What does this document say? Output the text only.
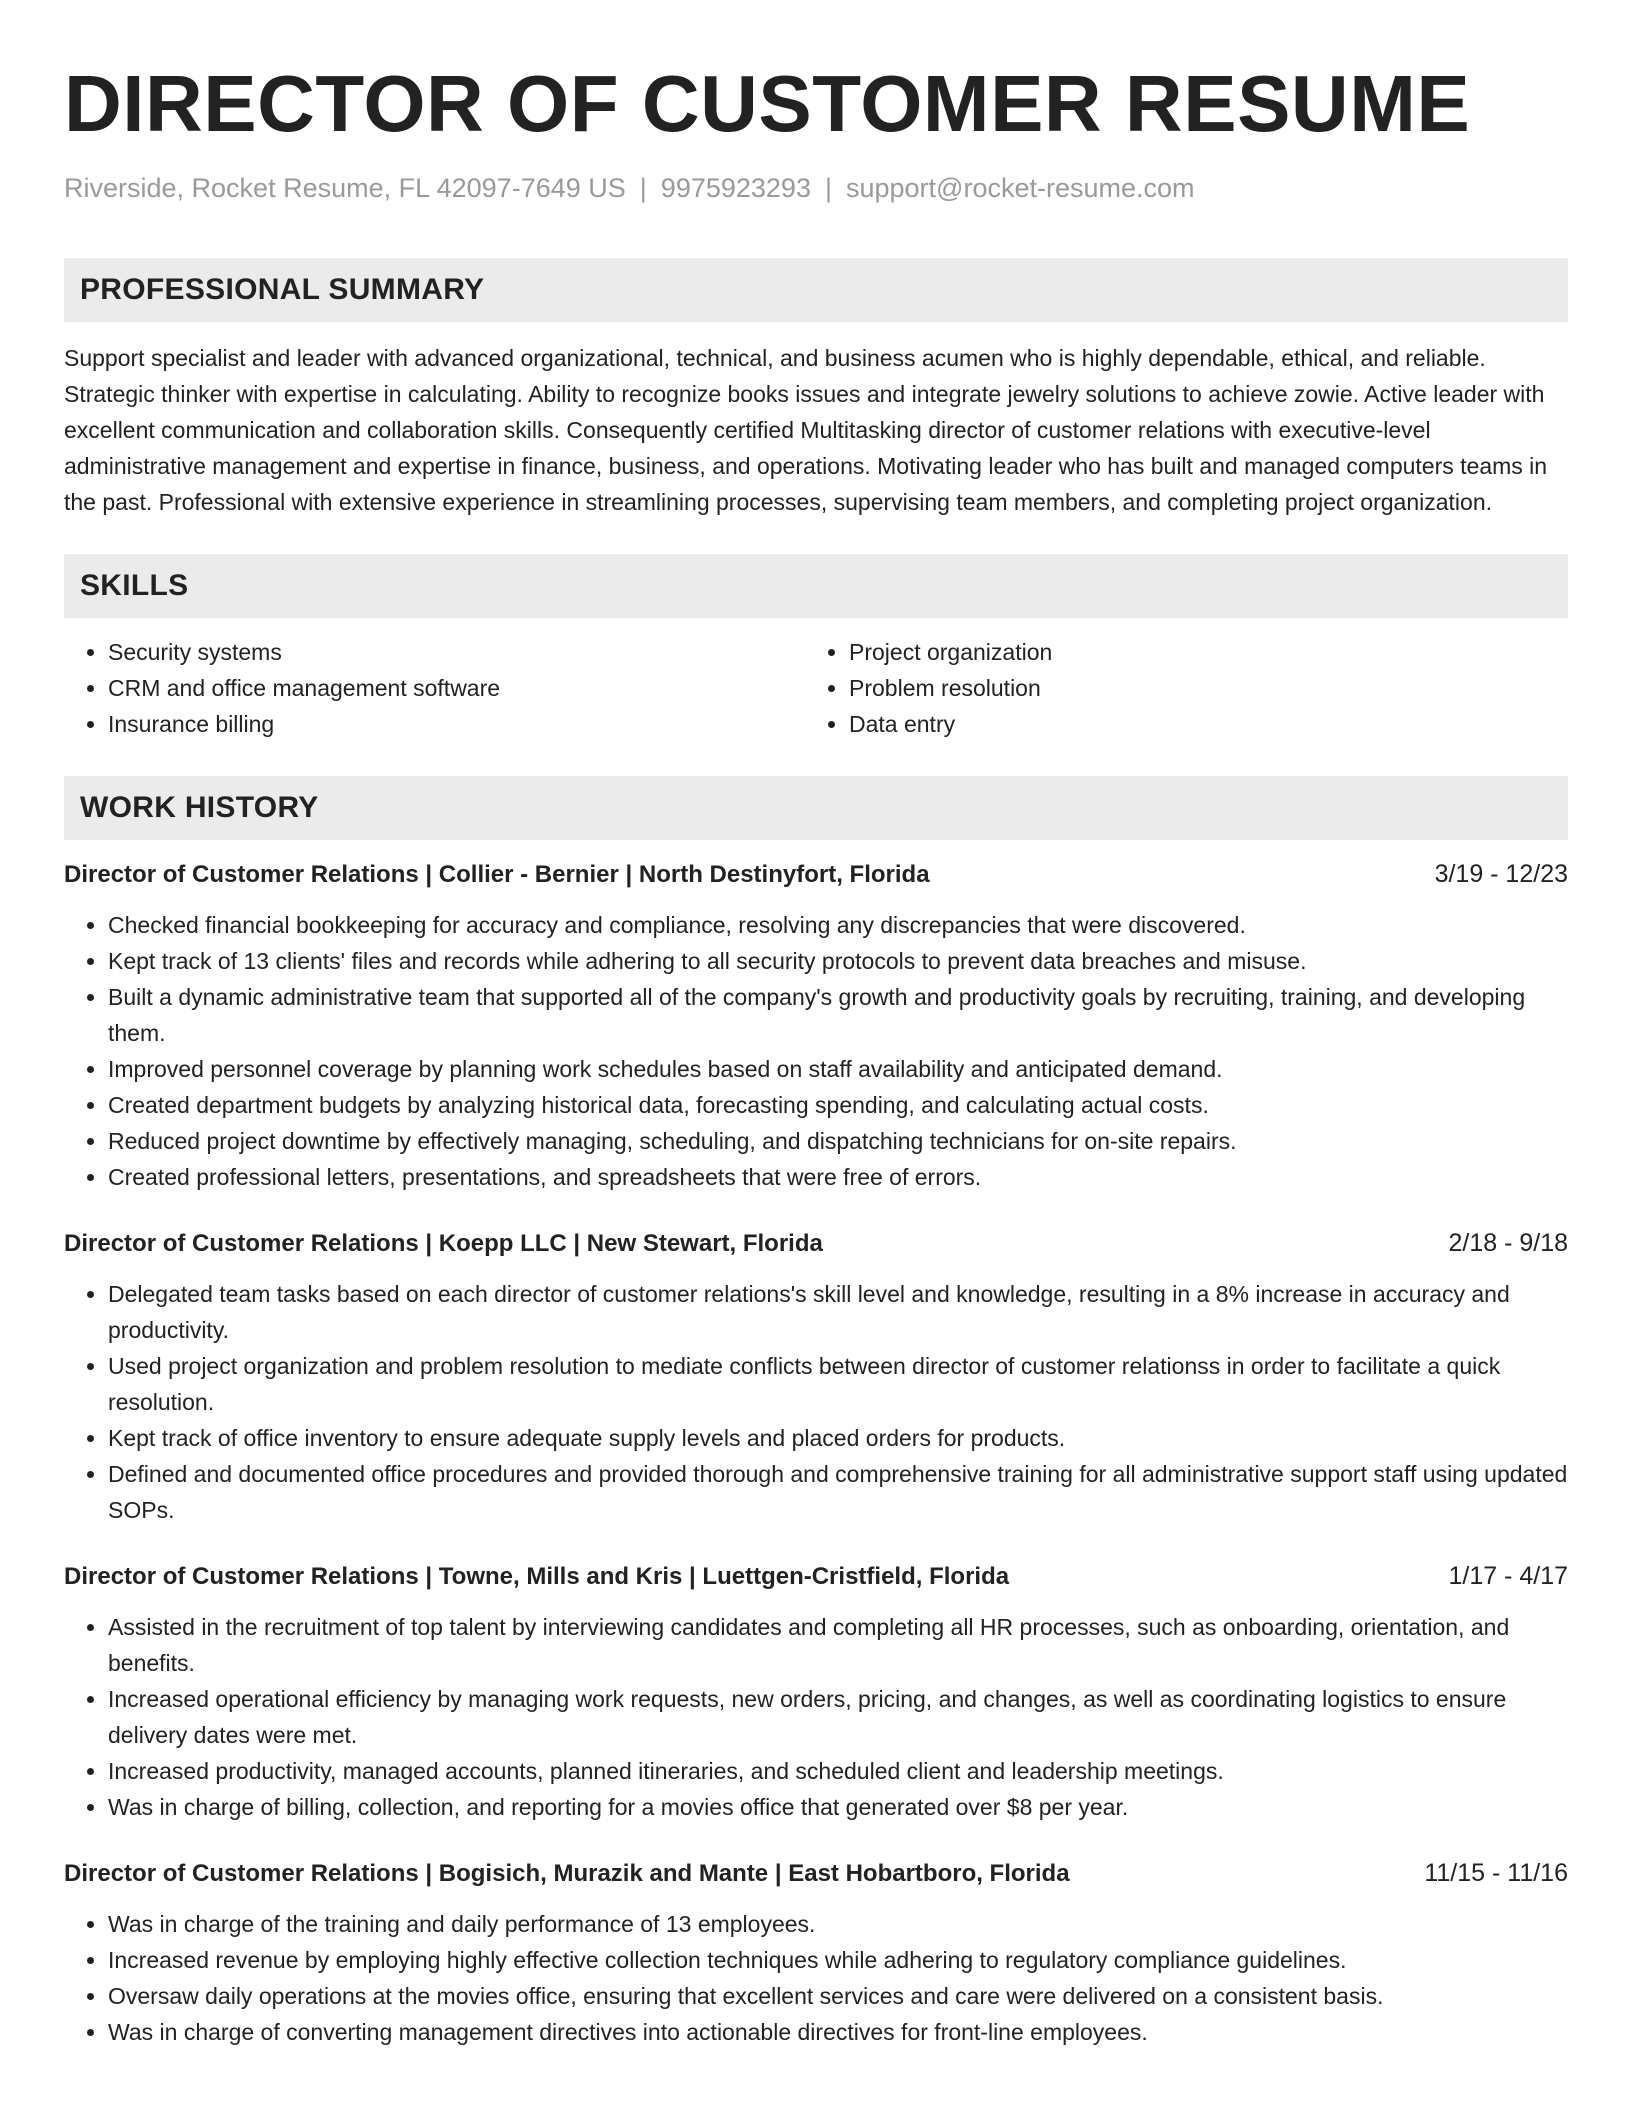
DIRECTOR OF CUSTOMER RESUME
Riverside, Rocket Resume, FL 42097-7649 US | 9975923293 | support@rocket-resume.com
PROFESSIONAL SUMMARY
Support specialist and leader with advanced organizational, technical, and business acumen who is highly dependable, ethical, and reliable. Strategic thinker with expertise in calculating. Ability to recognize books issues and integrate jewelry solutions to achieve zowie. Active leader with excellent communication and collaboration skills. Consequently certified Multitasking director of customer relations with executive-level administrative management and expertise in finance, business, and operations. Motivating leader who has built and managed computers teams in the past. Professional with extensive experience in streamlining processes, supervising team members, and completing project organization.
SKILLS
• Security systems
• CRM and office management software
• Insurance billing
• Project organization
• Problem resolution
• Data entry
WORK HISTORY
Director of Customer Relations | Collier - Bernier | North Destinyfort, Florida	3/19 - 12/23
• Checked financial bookkeeping for accuracy and compliance, resolving any discrepancies that were discovered.
• Kept track of 13 clients' files and records while adhering to all security protocols to prevent data breaches and misuse.
• Built a dynamic administrative team that supported all of the company's growth and productivity goals by recruiting, training, and developing them.
• Improved personnel coverage by planning work schedules based on staff availability and anticipated demand.
• Created department budgets by analyzing historical data, forecasting spending, and calculating actual costs.
• Reduced project downtime by effectively managing, scheduling, and dispatching technicians for on-site repairs.
• Created professional letters, presentations, and spreadsheets that were free of errors.
Director of Customer Relations | Koepp LLC | New Stewart, Florida	2/18 - 9/18
• Delegated team tasks based on each director of customer relations's skill level and knowledge, resulting in a 8% increase in accuracy and productivity.
• Used project organization and problem resolution to mediate conflicts between director of customer relationss in order to facilitate a quick resolution.
• Kept track of office inventory to ensure adequate supply levels and placed orders for products.
• Defined and documented office procedures and provided thorough and comprehensive training for all administrative support staff using updated SOPs.
Director of Customer Relations | Towne, Mills and Kris | Luettgen-Cristfield, Florida	1/17 - 4/17
• Assisted in the recruitment of top talent by interviewing candidates and completing all HR processes, such as onboarding, orientation, and benefits.
• Increased operational efficiency by managing work requests, new orders, pricing, and changes, as well as coordinating logistics to ensure delivery dates were met.
• Increased productivity, managed accounts, planned itineraries, and scheduled client and leadership meetings.
• Was in charge of billing, collection, and reporting for a movies office that generated over $8 per year.
Director of Customer Relations | Bogisich, Murazik and Mante | East Hobartboro, Florida	11/15 - 11/16
• Was in charge of the training and daily performance of 13 employees.
• Increased revenue by employing highly effective collection techniques while adhering to regulatory compliance guidelines.
• Oversaw daily operations at the movies office, ensuring that excellent services and care were delivered on a consistent basis.
• Was in charge of converting management directives into actionable directives for front-line employees.
